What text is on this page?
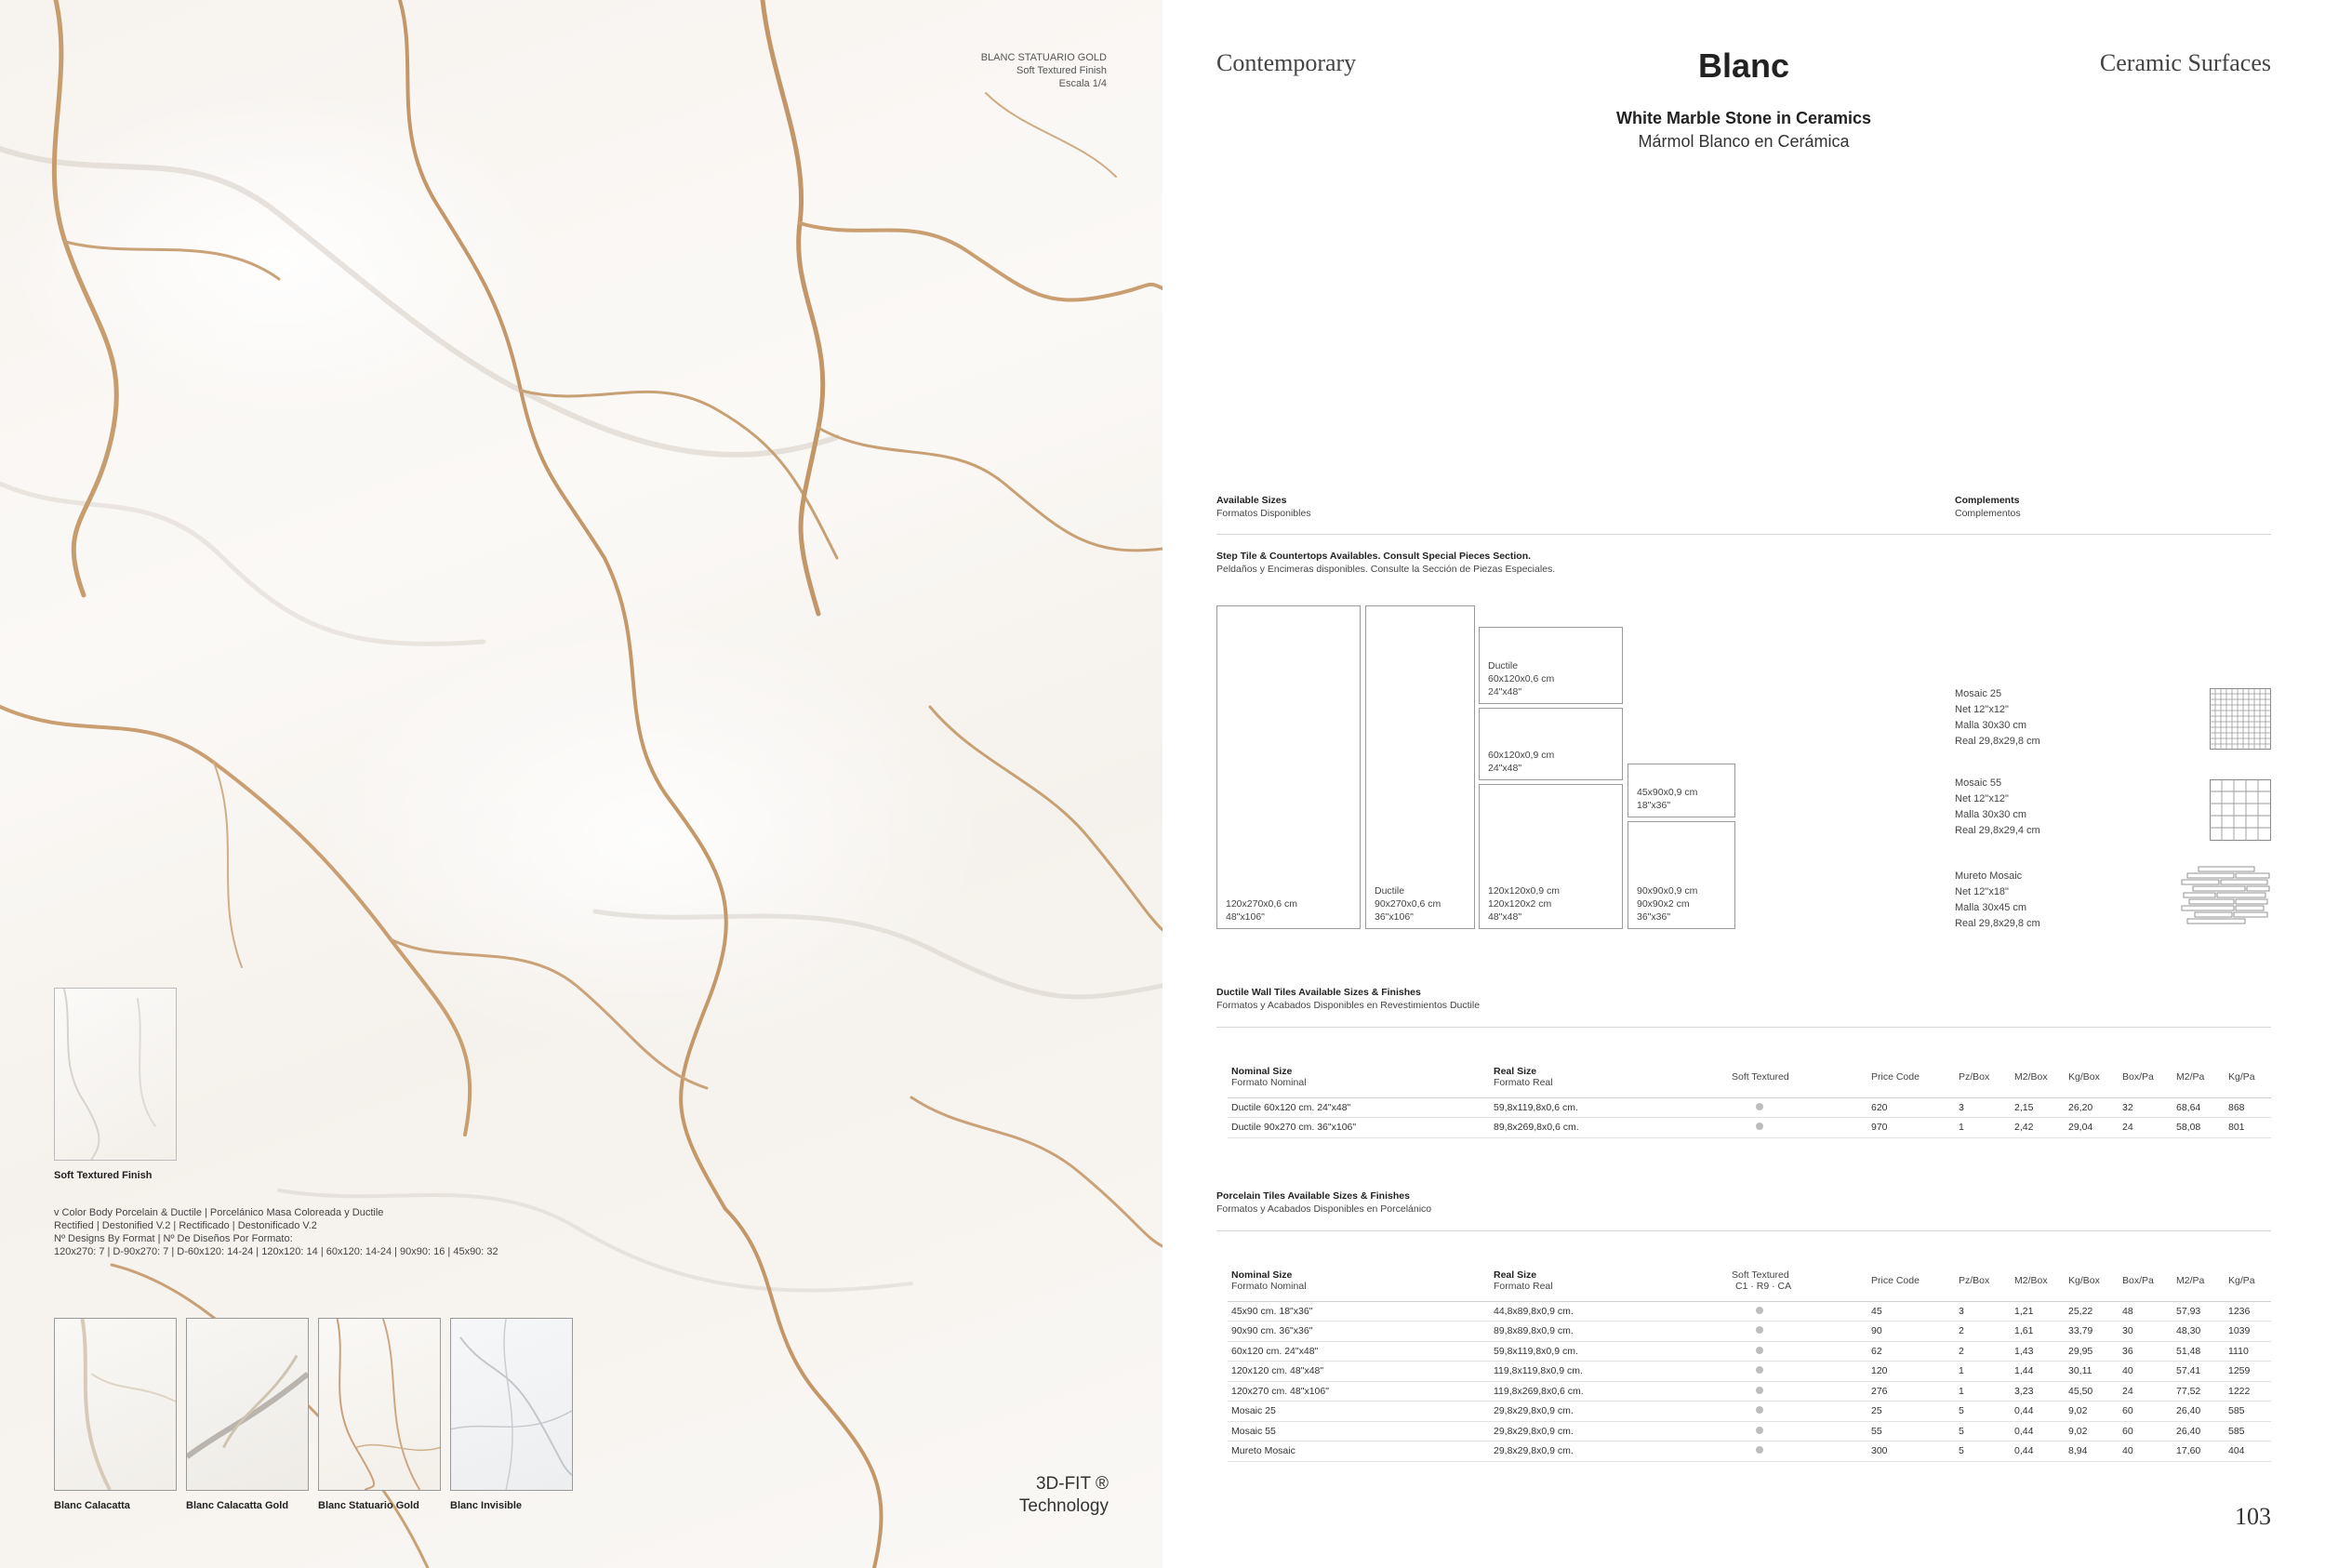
BLANC STATUARIO GOLD
Soft Textured Finish
Escala 1/4
Soft Textured Finish
v Color Body Porcelain & Ductile | Porcelánico Masa Coloreada y Ductile
Rectified | Destonified V.2 | Rectificado | Destonificado V.2
Nº Designs By Format | Nº De Diseños Por Formato:
120x270: 7 | D-90x270: 7 | D-60x120: 14-24 | 120x120: 14 | 60x120: 14-24 | 90x90: 16 | 45x90: 32
Blanc Calacatta	Blanc Calacatta Gold	Blanc Statuario Gold	Blanc Invisible
3D-FIT ®
Technology
Contemporary	Blanc	Ceramic Surfaces
White Marble Stone in Ceramics
Mármol Blanco en Cerámica
Available Sizes
Formatos Disponibles
Complements
Complementos
Step Tile & Countertops Availables. Consult Special Pieces Section.
Peldaños y Encimeras disponibles. Consulte la Sección de Piezas Especiales.
120x270x0,6 cm
48"x106"
Ductile
90x270x0,6 cm
36"x106"
Ductile
60x120x0,6 cm
24"x48"
60x120x0,9 cm
24"x48"
120x120x0,9 cm
120x120x2 cm
48"x48"
45x90x0,9 cm
18"x36"
90x90x0,9 cm
90x90x2 cm
36"x36"
Mosaic 25
Net 12"x12"
Malla 30x30 cm
Real 29,8x29,8 cm
Mosaic 55
Net 12"x12"
Malla 30x30 cm
Real 29,8x29,4 cm
Mureto Mosaic
Net 12"x18"
Malla 30x45 cm
Real 29,8x29,8 cm
Ductile Wall Tiles Available Sizes & Finishes
Formatos y Acabados Disponibles en Revestimientos Ductile
Nominal Size
Formato Nominal	Real Size
Formato Real	Soft Textured	Price Code	Pz/Box	M2/Box	Kg/Box	Box/Pa	M2/Pa	Kg/Pa
Ductile 60x120 cm. 24"x48"	59,8x119,8x0,6 cm.		620	3	2,15	26,20	32	68,64	868
Ductile 90x270 cm. 36"x106"	89,8x269,8x0,6 cm.		970	1	2,42	29,04	24	58,08	801
Porcelain Tiles Available Sizes & Finishes
Formatos y Acabados Disponibles en Porcelánico
Nominal Size
Formato Nominal	Real Size
Formato Real	Soft Textured
C1 · R9 · CA	Price Code	Pz/Box	M2/Box	Kg/Box	Box/Pa	M2/Pa	Kg/Pa
45x90 cm. 18"x36"	44,8x89,8x0,9 cm.		45	3	1,21	25,22	48	57,93	1236
90x90 cm. 36"x36"	89,8x89,8x0,9 cm.		90	2	1,61	33,79	30	48,30	1039
60x120 cm. 24"x48"	59,8x119,8x0,9 cm.		62	2	1,43	29,95	36	51,48	1110
120x120 cm. 48"x48"	119,8x119,8x0,9 cm.		120	1	1,44	30,11	40	57,41	1259
120x270 cm. 48"x106"	119,8x269,8x0,6 cm.		276	1	3,23	45,50	24	77,52	1222
Mosaic 25	29,8x29,8x0,9 cm.		25	5	0,44	9,02	60	26,40	585
Mosaic 55	29,8x29,8x0,9 cm.		55	5	0,44	9,02	60	26,40	585
Mureto Mosaic	29,8x29,8x0,9 cm.		300	5	0,44	8,94	40	17,60	404
103
